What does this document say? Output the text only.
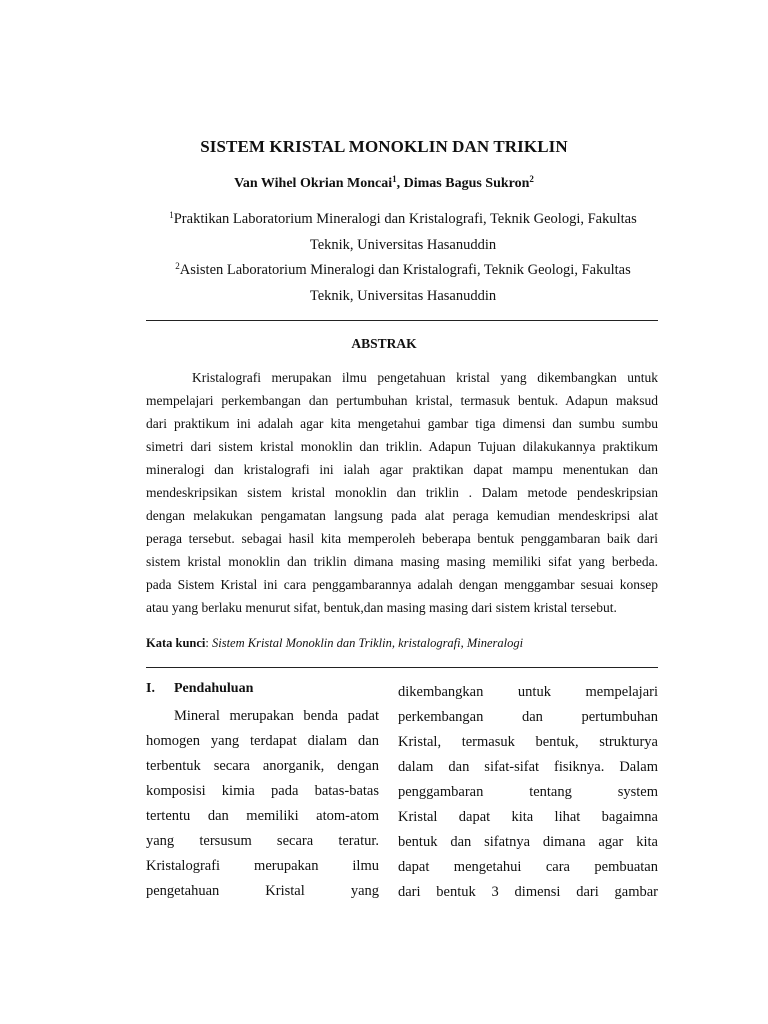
SISTEM KRISTAL MONOKLIN DAN TRIKLIN
Van Wihel Okrian Moncai$^1$, Dimas Bagus Sukron$^2$
$^1$Praktikan Laboratorium Mineralogi dan Kristalografi, Teknik Geologi, Fakultas
Teknik, Universitas Hasanuddin
$^2$Asisten Laboratorium Mineralogi dan Kristalografi, Teknik Geologi, Fakultas
Teknik, Universitas Hasanuddin
ABSTRAK
Kristalografi merupakan ilmu pengetahuan kristal yang dikembangkan untuk
mempelajari perkembangan dan pertumbuhan kristal, termasuk bentuk. Adapun maksud
dari praktikum ini adalah agar kita mengetahui gambar tiga dimensi dan sumbu sumbu
simetri dari sistem kristal monoklin dan triklin. Adapun Tujuan dilakukannya praktikum
mineralogi dan kristalografi ini ialah agar praktikan dapat mampu menentukan dan
mendeskripsikan sistem kristal monoklin dan triklin . Dalam metode pendeskripsian
dengan melakukan pengamatan langsung pada alat peraga kemudian mendeskripsi alat
peraga tersebut. sebagai hasil kita memperoleh beberapa bentuk penggambaran baik dari
sistem kristal monoklin dan triklin dimana masing masing memiliki sifat yang berbeda.
pada Sistem Kristal ini cara penggambarannya adalah dengan menggambar sesuai konsep
atau yang berlaku menurut sifat, bentuk,dan masing masing dari sistem kristal tersebut.
Kata kunci: Sistem Kristal Monoklin dan Triklin, kristalografi, Mineralogi
I. Pendahuluan
Mineral merupakan benda padat
homogen yang terdapat dialam dan
terbentuk secara anorganik, dengan
komposisi kimia pada batas-batas
tertentu dan memiliki atom-atom
yang tersusum secara teratur.
Kristalografi merupakan ilmu
pengetahuan Kristal yang
dikembangkan untuk mempelajari
perkembangan dan pertumbuhan
Kristal, termasuk bentuk, strukturya
dalam dan sifat-sifat fisiknya. Dalam
penggambaran tentang system
Kristal dapat kita lihat bagaimna
bentuk dan sifatnya dimana agar kita
dapat mengetahui cara pembuatan
dari bentuk 3 dimensi dari gambar
